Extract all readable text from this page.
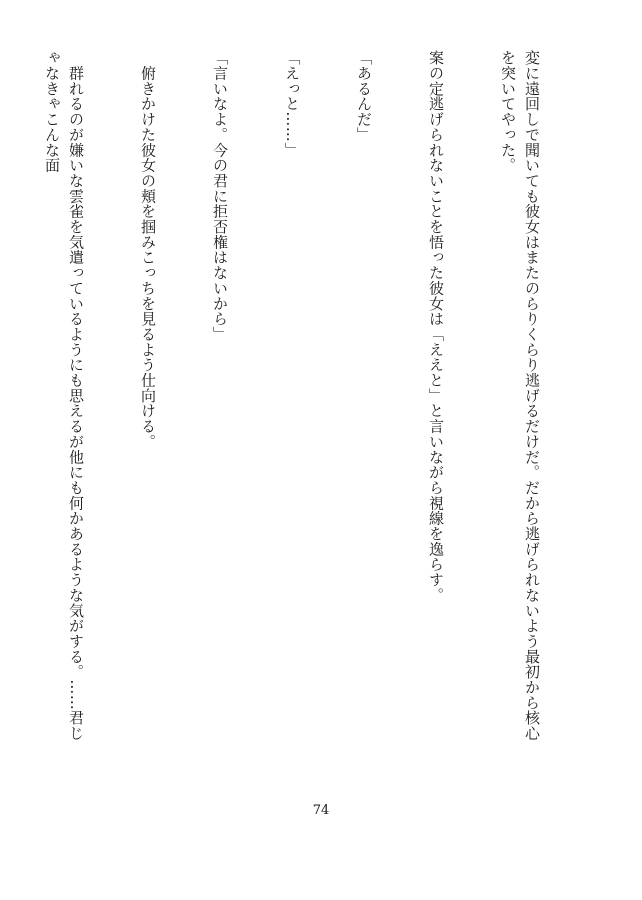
変に遠回しで聞いても彼女はまたのらりくらり逃げるだけだ。だから逃げられないよう最初から核心を突いてやった。

案の定逃げられないことを悟った彼女は「ええと」と言いながら視線を逸らす。

「あるんだ」

「えっと……」

「言いなよ。今の君に拒否権はないから」

　俯きかけた彼女の頬を掴みこっちを見るよう仕向ける。

　群れるのが嫌いな雲雀を気遣っているようにも思えるが他にも何かあるような気がする。……君じゃなきゃこんな面

74
